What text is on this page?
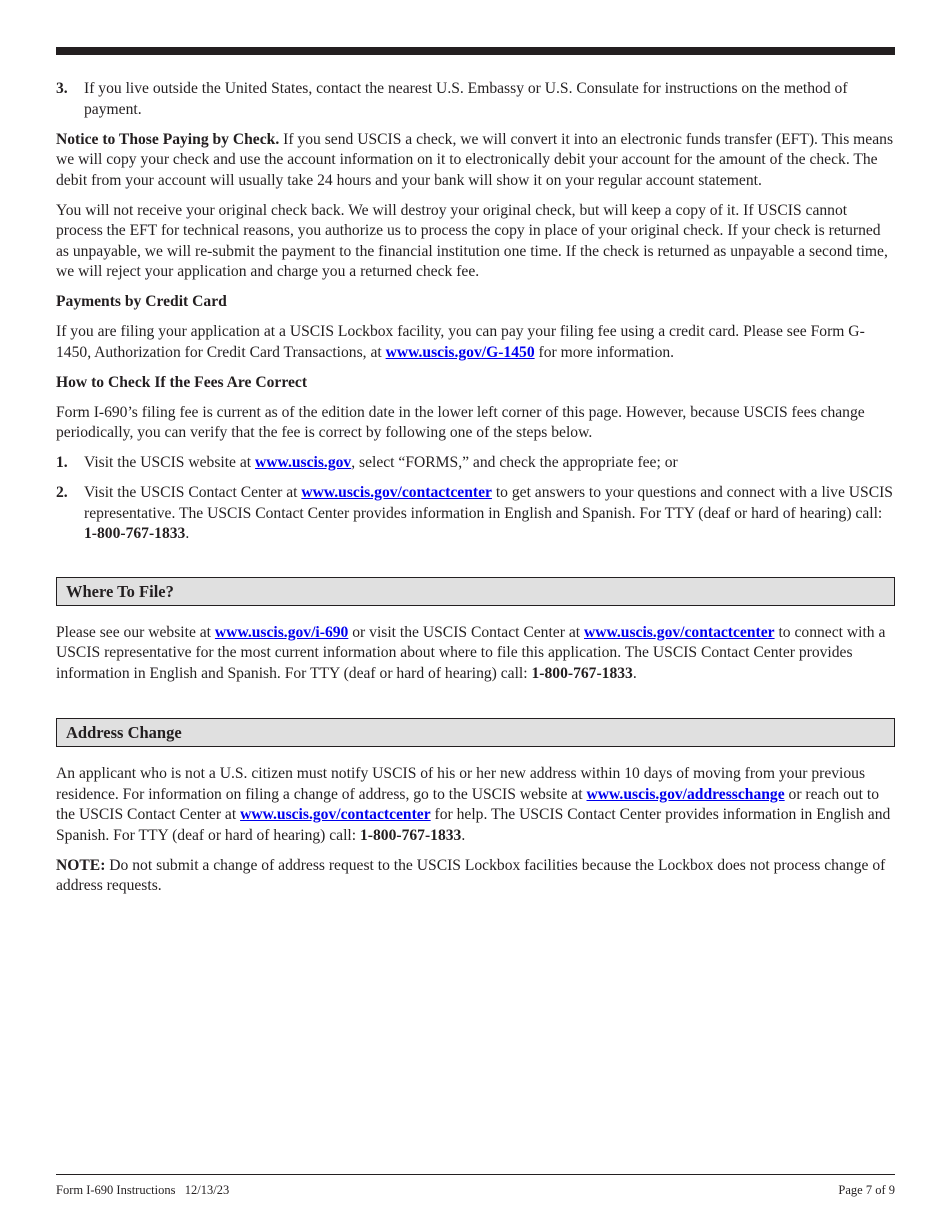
3.	If you live outside the United States, contact the nearest U.S. Embassy or U.S. Consulate for instructions on the method of payment.

Notice to Those Paying by Check. If you send USCIS a check, we will convert it into an electronic funds transfer (EFT). This means we will copy your check and use the account information on it to electronically debit your account for the amount of the check. The debit from your account will usually take 24 hours and your bank will show it on your regular account statement.

You will not receive your original check back. We will destroy your original check, but will keep a copy of it. If USCIS cannot process the EFT for technical reasons, you authorize us to process the copy in place of your original check. If your check is returned as unpayable, we will re-submit the payment to the financial institution one time. If the check is returned as unpayable a second time, we will reject your application and charge you a returned check fee.

Payments by Credit Card

If you are filing your application at a USCIS Lockbox facility, you can pay your filing fee using a credit card. Please see Form G-1450, Authorization for Credit Card Transactions, at www.uscis.gov/G-1450 for more information.

How to Check If the Fees Are Correct

Form I-690’s filing fee is current as of the edition date in the lower left corner of this page. However, because USCIS fees change periodically, you can verify that the fee is correct by following one of the steps below.

1.	Visit the USCIS website at www.uscis.gov, select “FORMS,” and check the appropriate fee; or
2.	Visit the USCIS Contact Center at www.uscis.gov/contactcenter to get answers to your questions and connect with a live USCIS representative. The USCIS Contact Center provides information in English and Spanish. For TTY (deaf or hard of hearing) call: 1-800-767-1833.
Where To File?

Please see our website at www.uscis.gov/i-690 or visit the USCIS Contact Center at www.uscis.gov/contactcenter to connect with a USCIS representative for the most current information about where to file this application. The USCIS Contact Center provides information in English and Spanish. For TTY (deaf or hard of hearing) call: 1-800-767-1833.

Address Change

An applicant who is not a U.S. citizen must notify USCIS of his or her new address within 10 days of moving from your previous residence. For information on filing a change of address, go to the USCIS website at www.uscis.gov/addresschange or reach out to the USCIS Contact Center at www.uscis.gov/contactcenter for help. The USCIS Contact Center provides information in English and Spanish. For TTY (deaf or hard of hearing) call: 1-800-767-1833.

NOTE: Do not submit a change of address request to the USCIS Lockbox facilities because the Lockbox does not process change of address requests.

Form I-690 Instructions   12/13/23	Page 7 of 9
